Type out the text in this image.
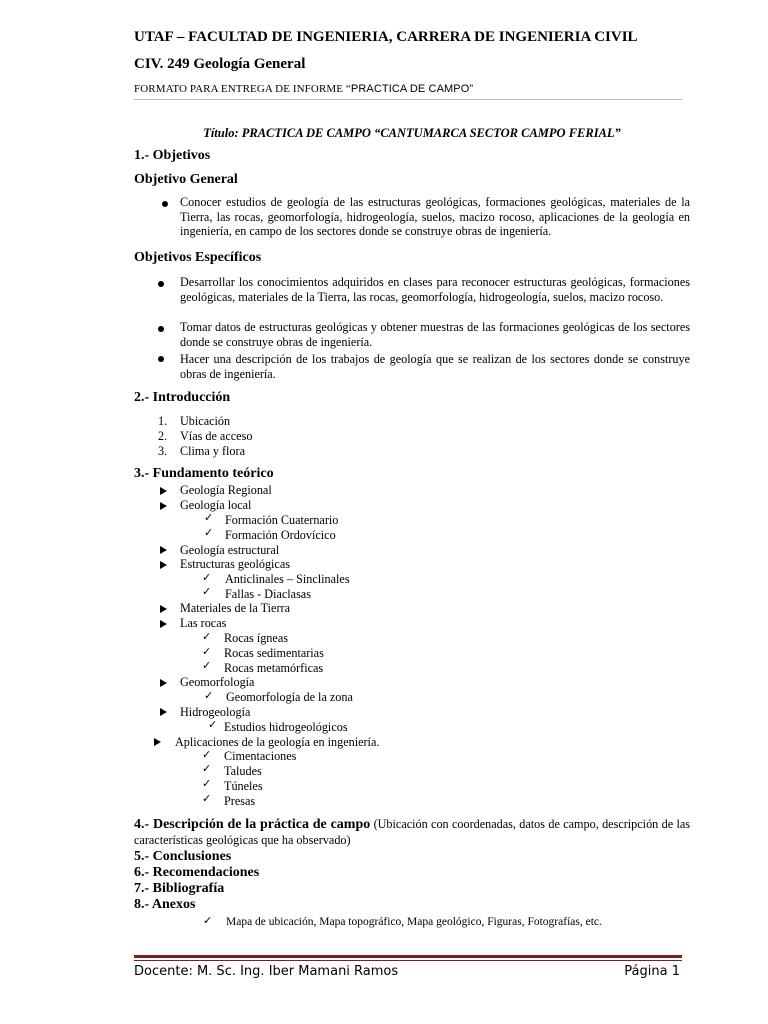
UTAF – FACULTAD DE INGENIERIA, CARRERA DE INGENIERIA CIVIL
CIV. 249 Geología General
FORMATO PARA ENTREGA DE INFORME “PRACTICA DE CAMPO”
Título: PRACTICA DE CAMPO “CANTUMARCA SECTOR CAMPO FERIAL”
1.- Objetivos
Objetivo General
Conocer estudios de geología de las estructuras geológicas, formaciones geológicas, materiales de la Tierra, las rocas, geomorfología, hidrogeología, suelos, macizo rocoso, aplicaciones de la geología en ingeniería, en campo de los sectores donde se construye obras de ingeniería.
Objetivos Específicos
Desarrollar los conocimientos adquiridos en clases para reconocer estructuras geológicas, formaciones geológicas, materiales de la Tierra, las rocas, geomorfología, hidrogeología, suelos, macizo rocoso.
Tomar datos de estructuras geológicas y obtener muestras de las formaciones geológicas de los sectores donde se construye obras de ingeniería.
Hacer una descripción de los trabajos de geología que se realizan de los sectores donde se construye obras de ingeniería.
2.- Introducción
1. Ubicación
2. Vías de acceso
3. Clima y flora
3.- Fundamento teórico
Geología Regional
Geología local
✓ Formación Cuaternario
✓ Formación Ordovícico
Geología estructural
Estructuras geológicas
✓ Anticlinales – Sinclinales
✓ Fallas - Diaclasas
Materiales de la Tierra
Las rocas
✓ Rocas ígneas
✓ Rocas sedimentarias
✓ Rocas metamórficas
Geomorfología
✓ Geomorfología de la zona
Hidrogeología
✓ Estudios hidrogeológicos
Aplicaciones de la geología en ingeniería.
✓ Cimentaciones
✓ Taludes
✓ Túneles
✓ Presas
4.- Descripción de la práctica de campo (Ubicación con coordenadas, datos de campo, descripción de las características geológicas que ha observado)
5.- Conclusiones
6.- Recomendaciones
7.- Bibliografía
8.- Anexos
✓ Mapa de ubicación, Mapa topográfico, Mapa geológico, Figuras, Fotografías, etc.
Docente: M. Sc. Ing. Iber Mamani Ramos	Página 1
